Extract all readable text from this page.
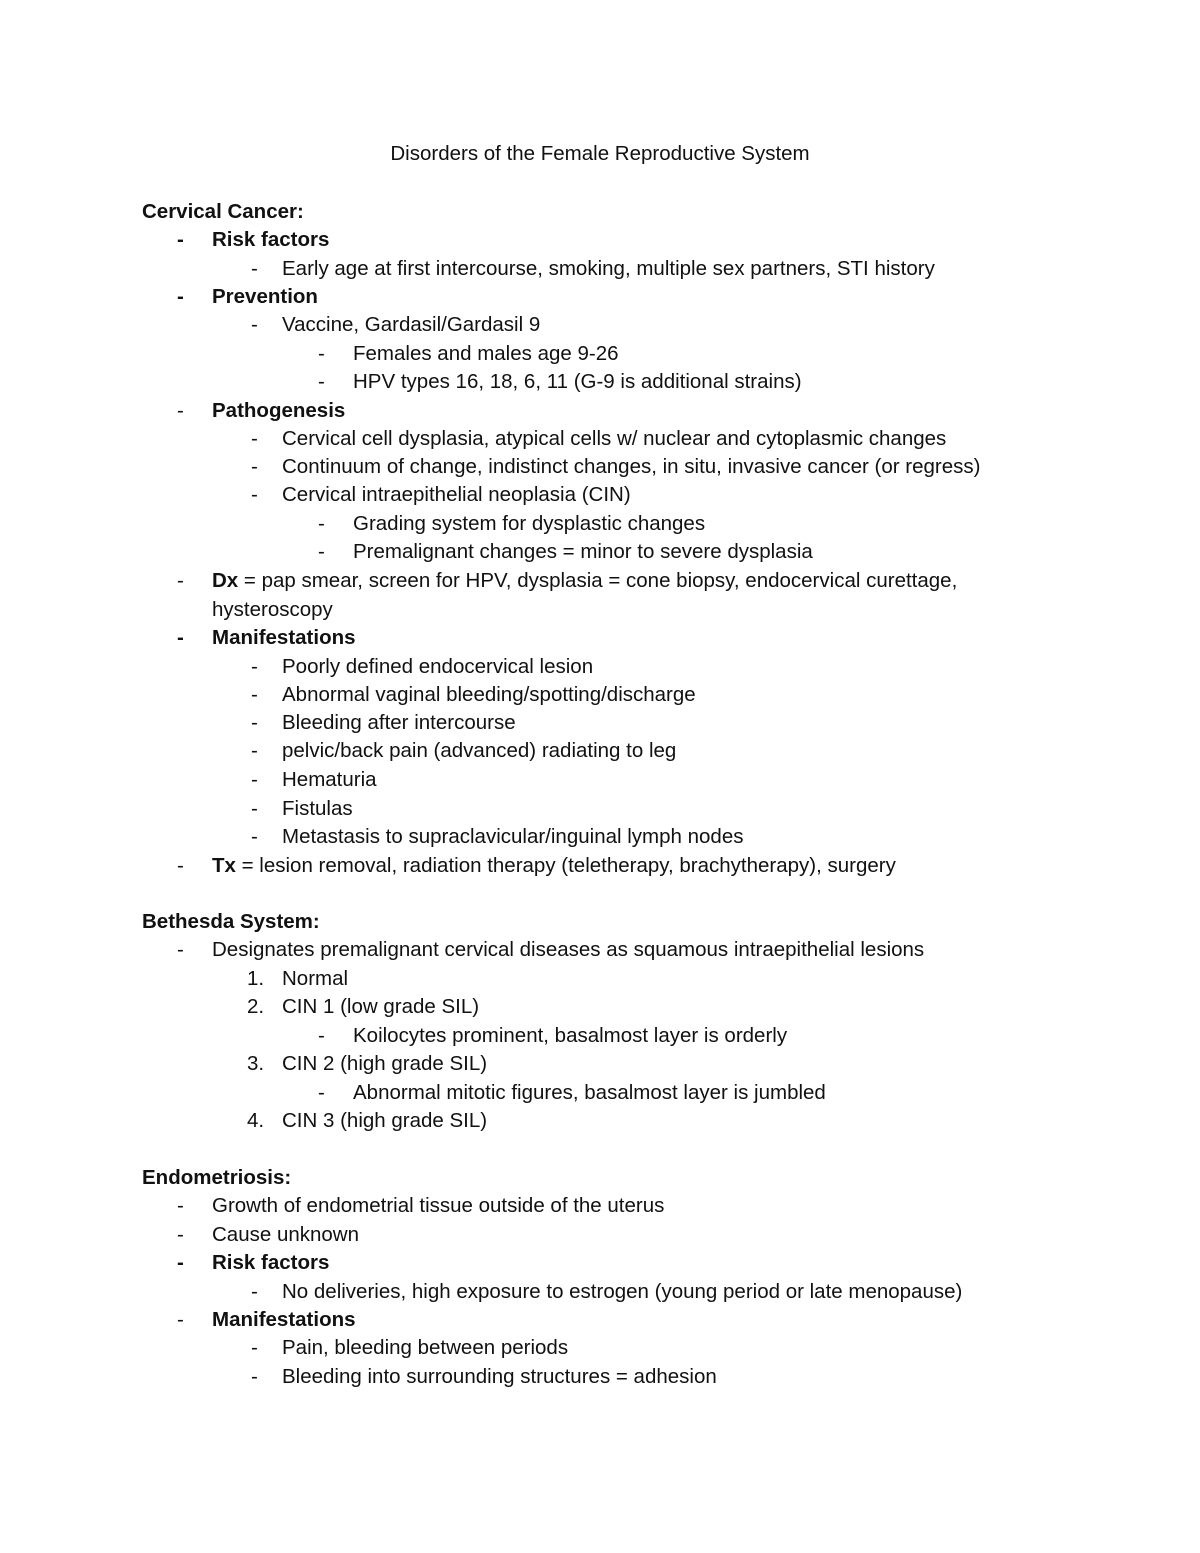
Disorders of the Female Reproductive System
Cervical Cancer:
- Risk factors
- Early age at first intercourse, smoking, multiple sex partners, STI history
- Prevention
- Vaccine, Gardasil/Gardasil 9
- Females and males age 9-26
- HPV types 16, 18, 6, 11 (G-9 is additional strains)
- Pathogenesis
- Cervical cell dysplasia, atypical cells w/ nuclear and cytoplasmic changes
- Continuum of change, indistinct changes, in situ, invasive cancer (or regress)
- Cervical intraepithelial neoplasia (CIN)
- Grading system for dysplastic changes
- Premalignant changes = minor to severe dysplasia
- Dx = pap smear, screen for HPV, dysplasia = cone biopsy, endocervical curettage,
hysteroscopy
- Manifestations
- Poorly defined endocervical lesion
- Abnormal vaginal bleeding/spotting/discharge
- Bleeding after intercourse
- pelvic/back pain (advanced) radiating to leg
- Hematuria
- Fistulas
- Metastasis to supraclavicular/inguinal lymph nodes
- Tx = lesion removal, radiation therapy (teletherapy, brachytherapy), surgery
Bethesda System:
- Designates premalignant cervical diseases as squamous intraepithelial lesions
1. Normal
2. CIN 1 (low grade SIL)
- Koilocytes prominent, basalmost layer is orderly
3. CIN 2 (high grade SIL)
- Abnormal mitotic figures, basalmost layer is jumbled
4. CIN 3 (high grade SIL)
Endometriosis:
- Growth of endometrial tissue outside of the uterus
- Cause unknown
- Risk factors
- No deliveries, high exposure to estrogen (young period or late menopause)
- Manifestations
- Pain, bleeding between periods
- Bleeding into surrounding structures = adhesion
